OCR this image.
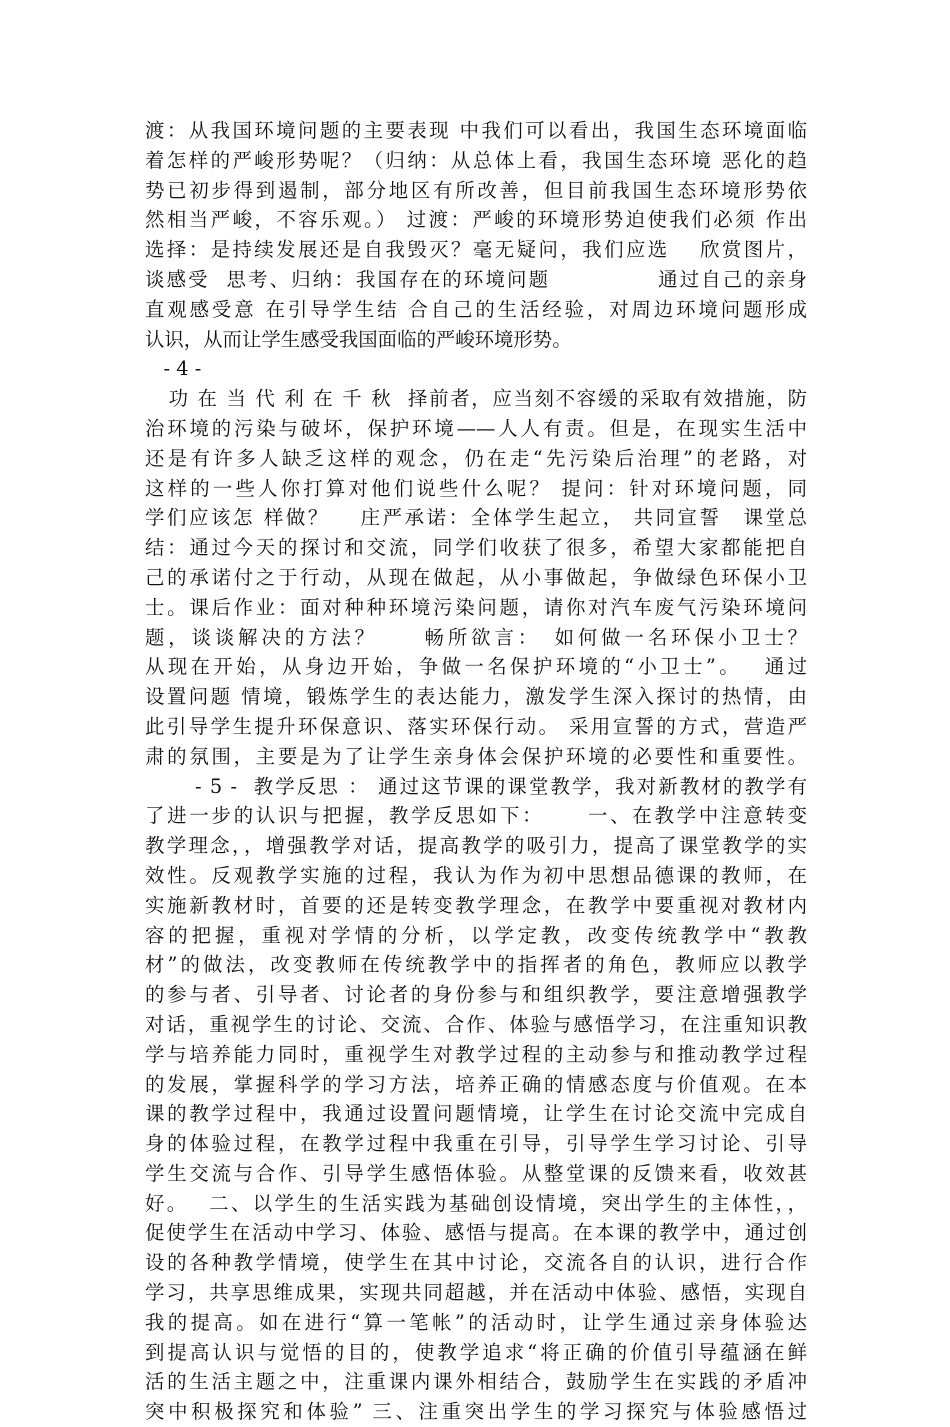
渡：从我国环境问题的主要表现 中我们可以看出，我国生态环境面临
着怎样的严峻形势呢？（归纳：从总体上看，我国生态环境 恶化的趋
势已初步得到遏制，部分地区有所改善，但目前我国生态环境形势依
然相当严峻，不容乐观。） 过渡：严峻的环境形势迫使我们必须 作出
选择：是持续发展还是自我毁灭？毫无疑问，我们应选　 欣赏图片，
谈感受  思考、归纳：我国存在的环境问题　　　　　通过自己的亲身
直观感受意 在引导学生结 合自己的生活经验，对周边环境问题形成
认识，从而让学生感受我国面临的严峻环境形势。
- 4 -
功 在 当 代 利 在 千 秋  择前者，应当刻不容缓的采取有效措施，防
治环境的污染与破坏，保护环境——人人有责。但是，在现实生活中
还是有许多人缺乏这样的观念，仍在走“先污染后治理”的老路，对
这样的一些人你打算对他们说些什么呢？ 提问：针对环境问题，同
学们应该怎 样做？　 庄严承诺：全体学生起立， 共同宣誓　课堂总
结：通过今天的探讨和交流，同学们收获了很多，希望大家都能把自
己的承诺付之于行动，从现在做起，从小事做起，争做绿色环保小卫
士。课后作业：面对种种环境污染问题，请你对汽车废气污染环境问
题，谈谈解决的方法？　　畅所欲言：　如何做一名环保小卫士？
从现在开始，从身边开始，争做一名保护环境的“小卫士”。　 通过
设置问题 情境，锻炼学生的表达能力，激发学生深入探讨的热情，由
此引导学生提升环保意识、落实环保行动。 采用宣誓的方式，营造严
肃的氛围，主要是为了让学生亲身体会保护环境的必要性和重要性。
- 5 -  教学反思 ： 通过这节课的课堂教学，我对新教材的教学有
了进一步的认识与把握，教学反思如下：　　 一、在教学中注意转变
教学理念，，增强教学对话，提高教学的吸引力，提高了课堂教学的实
效性。反观教学实施的过程，我认为作为初中思想品德课的教师，在
实施新教材时，首要的还是转变教学理念，在教学中要重视对教材内
容的把握，重视对学情的分析，以学定教，改变传统教学中“教教
材”的做法，改变教师在传统教学中的指挥者的角色，教师应以教学
的参与者、引导者、讨论者的身份参与和组织教学，要注意增强教学
对话，重视学生的讨论、交流、合作、体验与感悟学习，在注重知识教
学与培养能力同时，重视学生对教学过程的主动参与和推动教学过程
的发展，掌握科学的学习方法，培养正确的情感态度与价值观。在本
课的教学过程中，我通过设置问题情境，让学生在讨论交流中完成自
身的体验过程，在教学过程中我重在引导，引导学生学习讨论、引导
学生交流与合作、引导学生感悟体验。从整堂课的反馈来看，收效甚
好。　 二、以学生的生活实践为基础创设情境，突出学生的主体性，，
促使学生在活动中学习、体验、感悟与提高。在本课的教学中，通过创
设的各种教学情境，使学生在其中讨论，交流各自的认识，进行合作
学习，共享思维成果，实现共同超越，并在活动中体验、感悟，实现自
我的提高。如在进行“算一笔帐”的活动时，让学生通过亲身体验达
到提高认识与觉悟的目的，使教学追求“将正确的价值引导蕴涵在鲜
活的生活主题之中，注重课内课外相结合，鼓励学生在实践的矛盾冲
突中积极探究和体验” 三、注重突出学生的学习探究与体验感悟过
